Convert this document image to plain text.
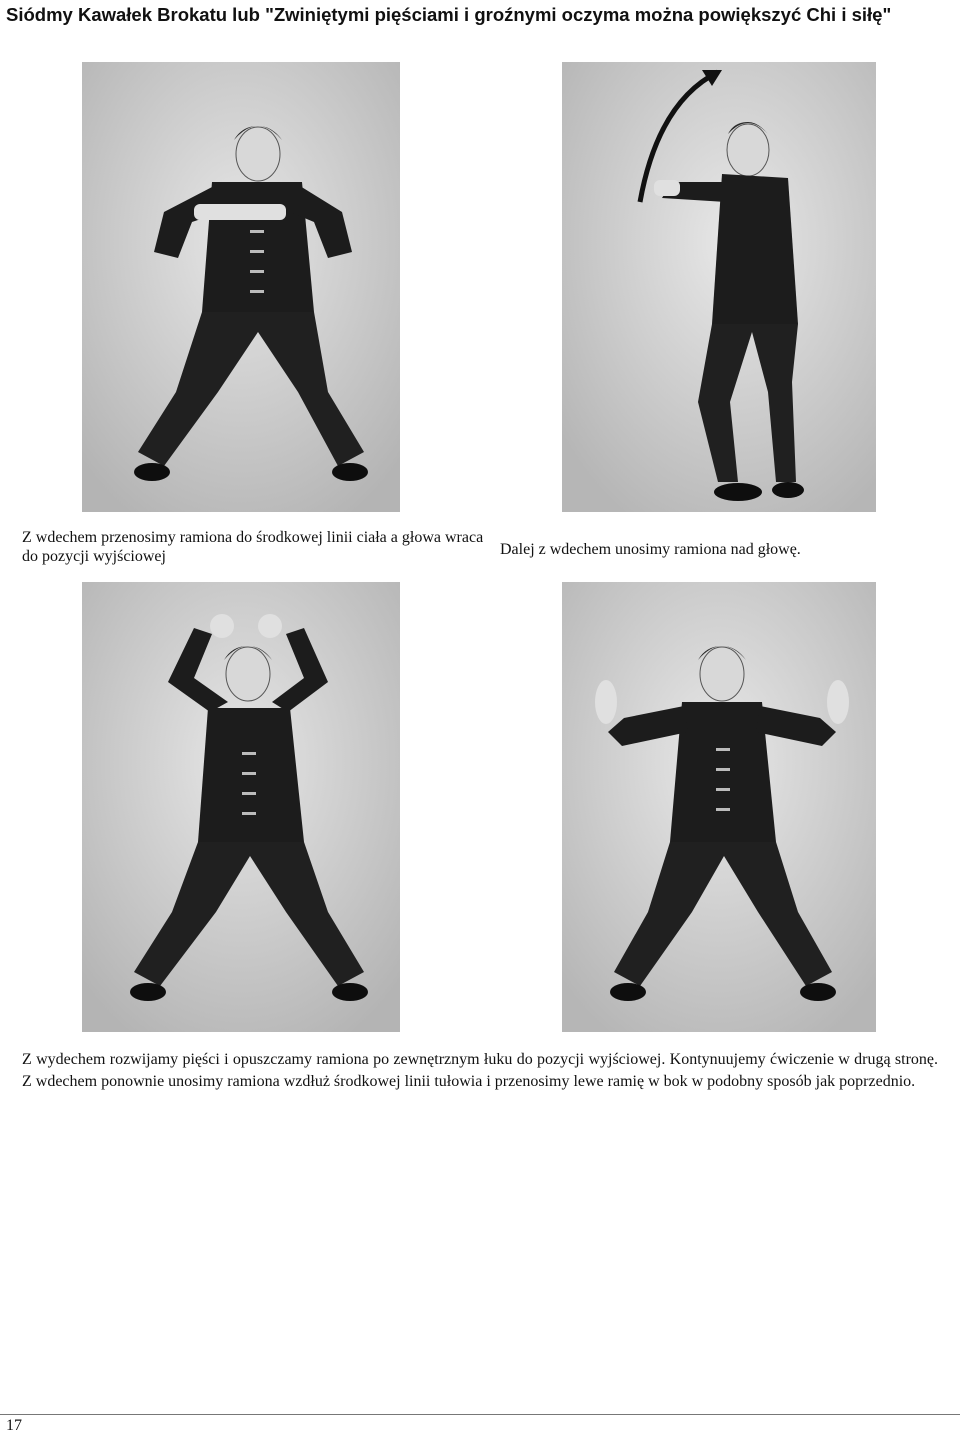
Siódmy Kawałek Brokatu lub "Zwiniętymi pięściami i groźnymi oczyma można powiększyć Chi i siłę"
Z wdechem przenosimy ramiona do środkowej linii ciała a głowa wraca do pozycji wyjściowej	Dalej z wdechem unosimy ramiona nad głowę.
Z wydechem rozwijamy pięści i opuszczamy ramiona po zewnętrznym łuku do pozycji wyjściowej. Kontynuujemy ćwiczenie w drugą stronę. Z wdechem ponownie unosimy ramiona wzdłuż środkowej linii tułowia i przenosimy lewe ramię w bok w podobny sposób jak poprzednio.
17
